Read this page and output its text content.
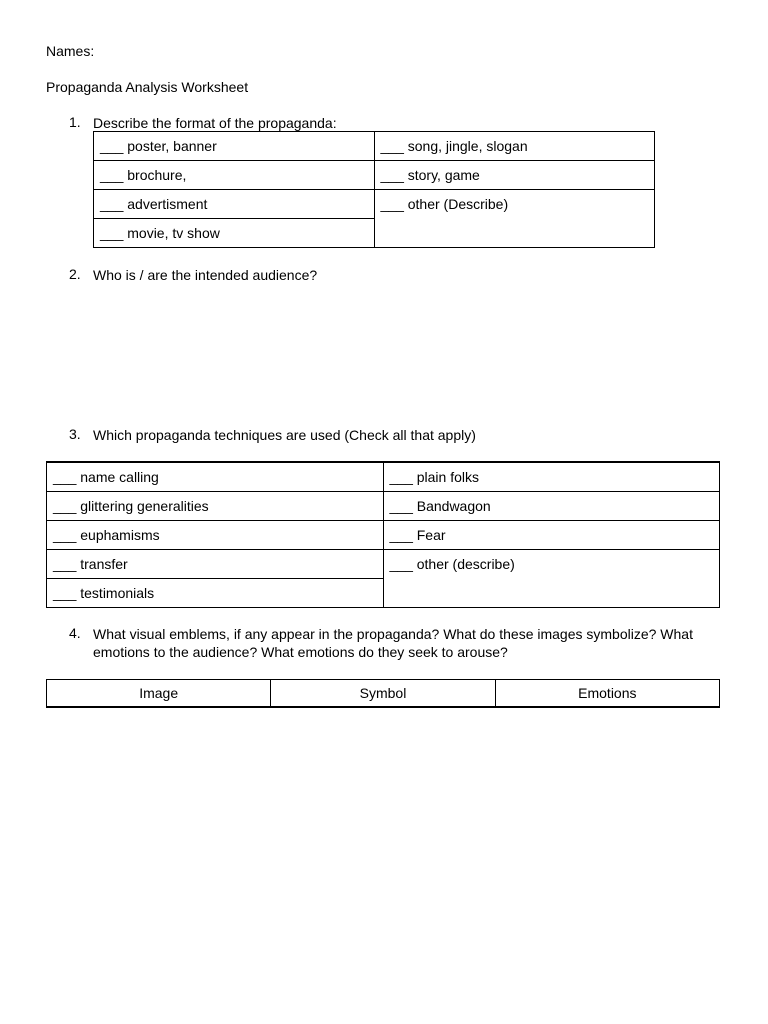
Names:
Propaganda Analysis Worksheet
1. Describe the format of the propaganda:
___ poster, banner	___ song, jingle, slogan
___ brochure,	___ story, game
___ advertisment	___ other (Describe)
___ movie, tv show	
2. Who is / are the intended audience?
3. Which propaganda techniques are used (Check all that apply)
___ name calling	___ plain folks
___ glittering generalities	___ Bandwagon
___ euphamisms	___ Fear
___ transfer	___ other (describe)
___ testimonials	
4. What visual emblems, if any appear in the propaganda? What do these images symbolize? What
emotions to the audience? What emotions do they seek to arouse?
Image	Symbol	Emotions
